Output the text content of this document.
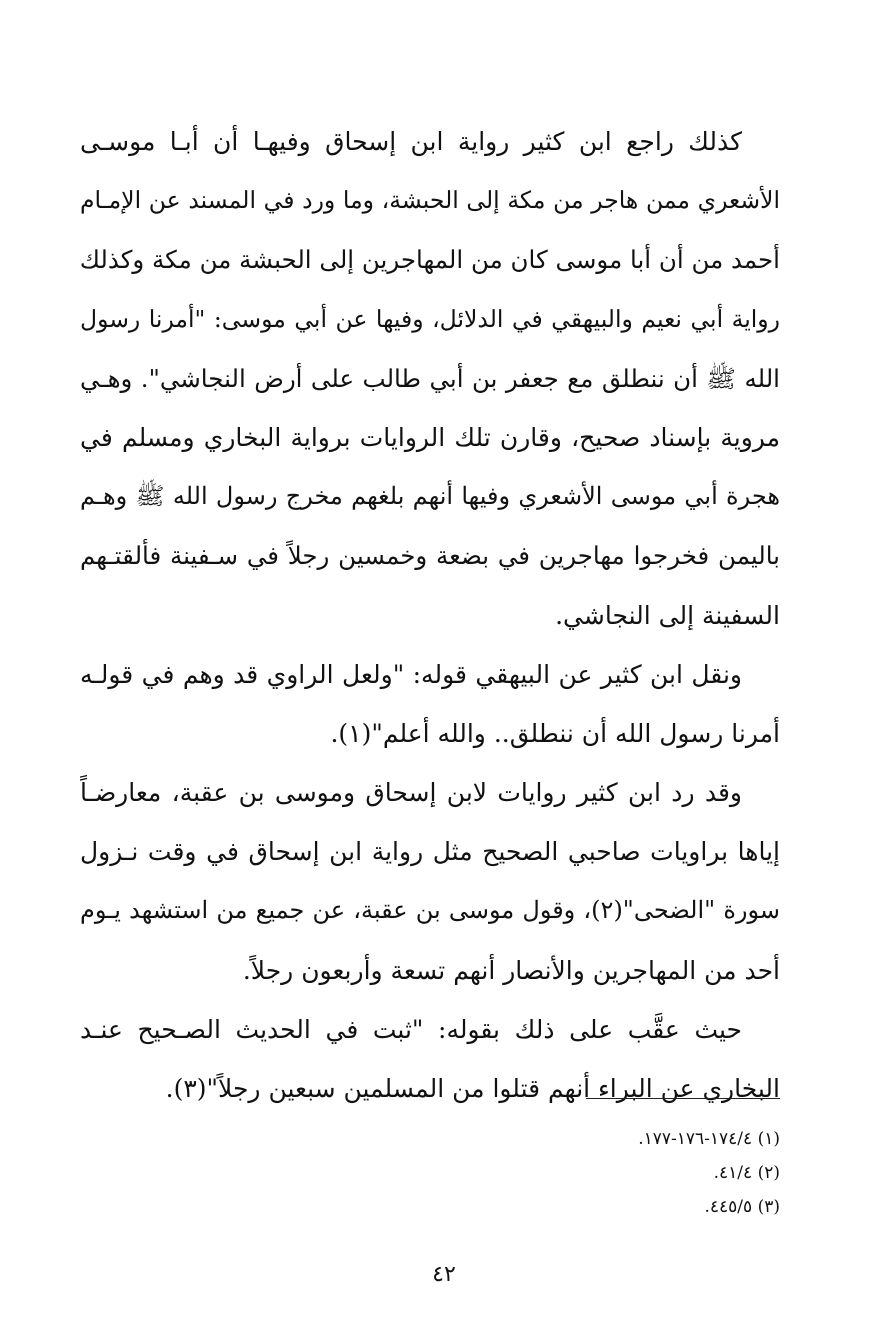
كذلك راجع ابن كثير رواية ابن إسحاق وفيهـا أن أبـا موسـى
الأشعري ممن هاجر من مكة إلى الحبشة، وما ورد في المسند عن الإمـام
أحمد من أن أبا موسى كان من المهاجرين إلى الحبشة من مكة وكذلك
رواية أبي نعيم والبيهقي في الدلائل، وفيها عن أبي موسى: "أمرنا رسول
الله ﷺ أن ننطلق مع جعفر بن أبي طالب على أرض النجاشي". وهـي
مروية بإسناد صحيح، وقارن تلك الروايات برواية البخاري ومسلم في
هجرة أبي موسى الأشعري وفيها أنهم بلغهم مخرج رسول الله ﷺ وهـم
باليمن فخرجوا مهاجرين في بضعة وخمسين رجلاً في سـفينة فألقتـهم
السفينة إلى النجاشي.
ونقل ابن كثير عن البيهقي قوله: "ولعل الراوي قد وهم في قولـه
أمرنا رسول الله أن ننطلق.. والله أعلم"(١).
وقد رد ابن كثير روايات لابن إسحاق وموسى بن عقبة، معارضـاً
إياها براويات صاحبي الصحيح مثل رواية ابن إسحاق في وقت نـزول
سورة "الضحى"(٢)، وقول موسى بن عقبة، عن جميع من استشهد يـوم
أحد من المهاجرين والأنصار أنهم تسعة وأربعون رجلاً.
حيث عقَّب على ذلك بقوله: "ثبت في الحديث الصـحيح عنـد
البخاري عن البراء أنهم قتلوا من المسلمين سبعين رجلاً"(٣).
(١) ١٧٤/٤-١٧٦-١٧٧.
(٢) ٤١/٤.
(٣) ٤٤٥/٥.
٤٢
